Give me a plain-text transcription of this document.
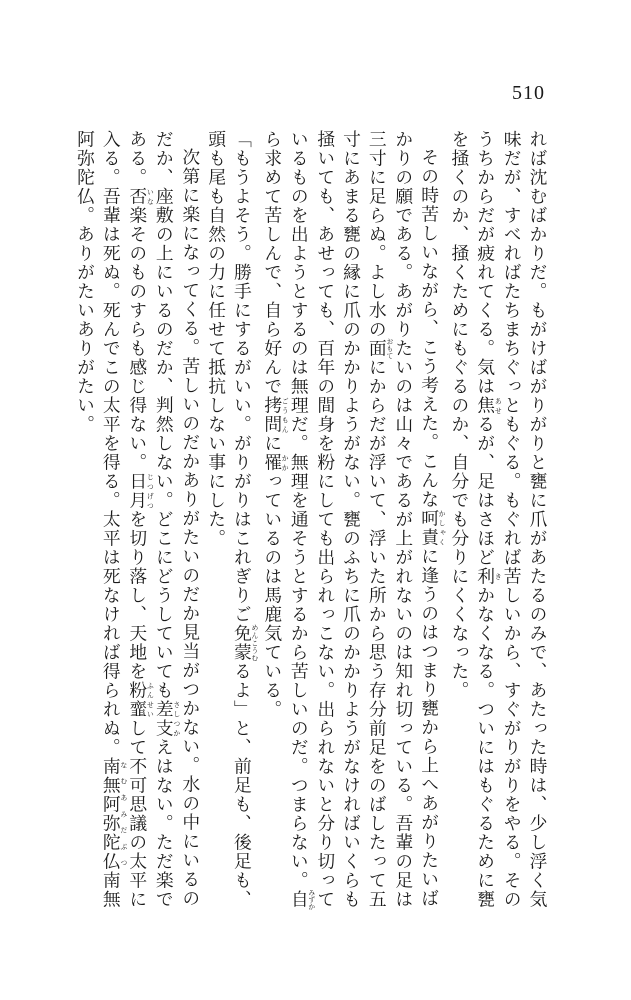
510

れば沈むばかりだ。もがけばがりがりと甕に爪があたるのみで、あたった時は、少し浮く気味だが、すべればたちまちぐっともぐる。もぐれば苦しいから、すぐがりがりをやる。そのうちからだが疲れてくる。気は焦あせるが、足はさほど利きかなくなる。ついにはもぐるために甕を掻くのか、掻くためにもぐるのか、自分でも分りにくくなった。

その時苦しいながら、こう考えた。こんな呵責かしゃくに逢うのはつまり甕から上へあがりたいばかりの願である。あがりたいのは山々であるが上がれないのは知れ切っている。吾輩の足は三寸に足らぬ。よし水の面おもてにからだが浮いて、浮いた所から思う存分前足をのばしたって五寸にあまる甕の縁に爪のかかりようがない。甕のふちに爪のかかりようがなければいくらも掻いても、あせっても、百年の間身を粉にしても出られっこない。出られないと分り切っているものを出ようとするのは無理だ。無理を通そうとするから苦しいのだ。つまらない。自みずから求めて苦しんで、自ら好んで拷問ごうもんに罹かかっているのは馬鹿気ている。

「もうよそう。勝手にするがいい。がりがりはこれぎりご免蒙めんこうむるよ」と、前足も、後足も、頭も尾も自然の力に任せて抵抗しない事にした。

次第に楽になってくる。苦しいのだかありがたいのだか見当がつかない。水の中にいるのだか、座敷の上にいるのだか、判然しない。どこにどうしていても差支さしつかえはない。ただ楽である。否いな楽そのものすらも感じ得ない。日月じつげつを切り落し、天地を粉韲ふんせいして不可思議の太平に入る。吾輩は死ぬ。死んでこの太平を得る。太平は死なければ得られぬ。南無阿弥陀仏なむあみだぶつ南無阿弥陀仏。ありがたいありがたい。
